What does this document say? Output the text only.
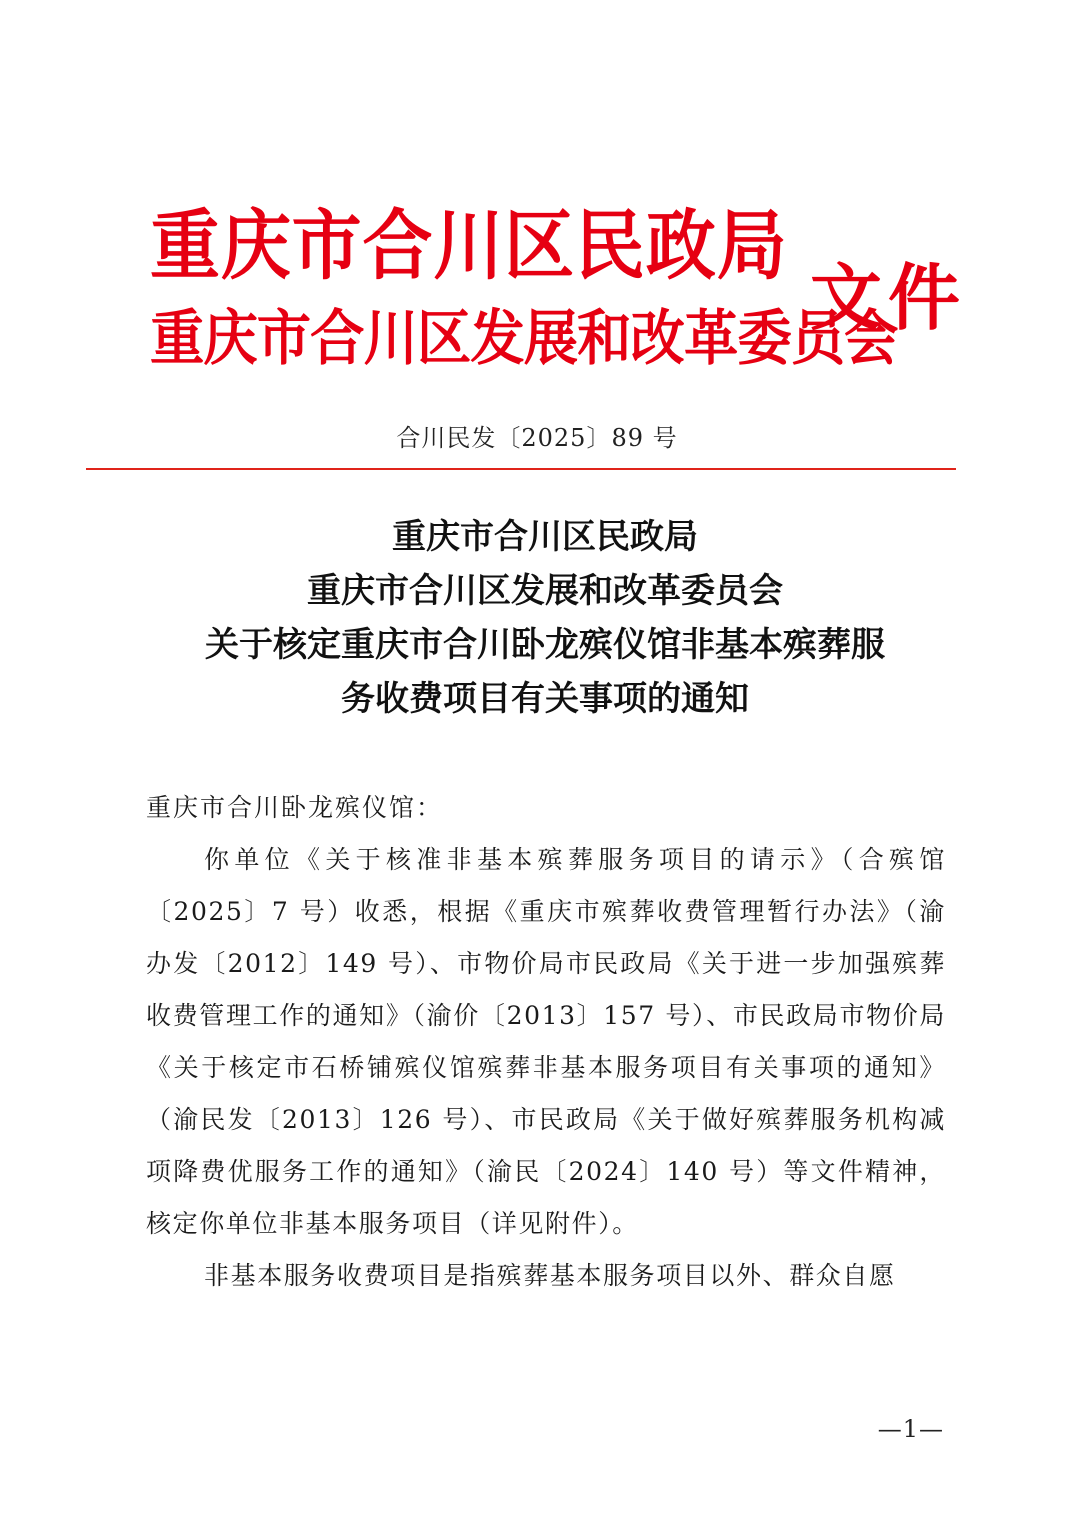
重庆市合川区民政局
重庆市合川区发展和改革委员会
文件
合川民发〔2025〕89 号
重庆市合川区民政局
重庆市合川区发展和改革委员会
关于核定重庆市合川卧龙殡仪馆非基本殡葬服
务收费项目有关事项的通知
重庆市合川卧龙殡仪馆：

你单位《关于核准非基本殡葬服务项目的请示》（合殡馆〔2025〕7 号）收悉，根据《重庆市殡葬收费管理暂行办法》（渝办发〔2012〕149 号）、市物价局市民政局《关于进一步加强殡葬收费管理工作的通知》（渝价〔2013〕157 号）、市民政局市物价局《关于核定市石桥铺殡仪馆殡葬非基本服务项目有关事项的通知》（渝民发〔2013〕126 号）、市民政局《关于做好殡葬服务机构减项降费优服务工作的通知》（渝民〔2024〕140 号）等文件精神，核定你单位非基本服务项目（详见附件）。

非基本服务收费项目是指殡葬基本服务项目以外、群众自愿

—1—
